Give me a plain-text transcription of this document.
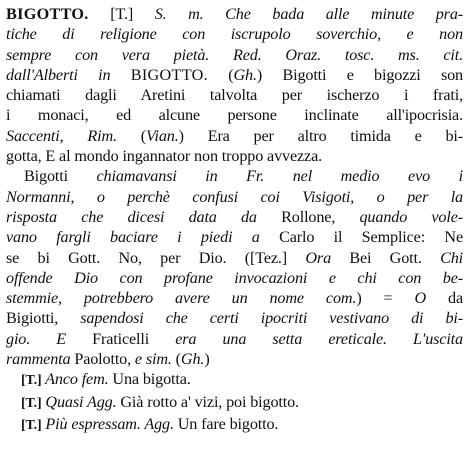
BIGOTTO. [T.] S. m. Che bada alle minute pra-
tiche di religione con iscrupolo soverchio, e non
sempre con vera pietà. Red. Oraz. tosc. ms. cit.
dall'Alberti in BIGOTTO. (Gh.) Bigotti e bigozzi son
chiamati dagli Aretini talvolta per ischerzo i frati,
i monaci, ed alcune persone inclinate all'ipocrisia.
Saccenti, Rim. (Vian.) Era per altro timida e bi-
gotta, E al mondo ingannator non troppo avvezza.
Bigotti chiamavansi in Fr. nel medio evo i
Normanni, o perchè confusi coi Visigoti, o per la
risposta che dicesi data da Rollone, quando vole-
vano fargli baciare i piedi a Carlo il Semplice: Ne
se bi Gott. No, per Dio. ([Tez.] Ora Bei Gott. Chi
offende Dio con profane invocazioni e chi con be-
stemmie, potrebbero avere un nome com.) = O da
Bigiotti, sapendosi che certi ipocriti vestivano di bi-
gio. E Fraticelli era una setta ereticale. L'uscita
rammenta Paolotto, e sim. (Gh.)
[T.] Anco fem. Una bigotta.
[T.] Quasi Agg. Già rotto a' vizi, poi bigotto.
[T.] Più espressam. Agg. Un fare bigotto.
